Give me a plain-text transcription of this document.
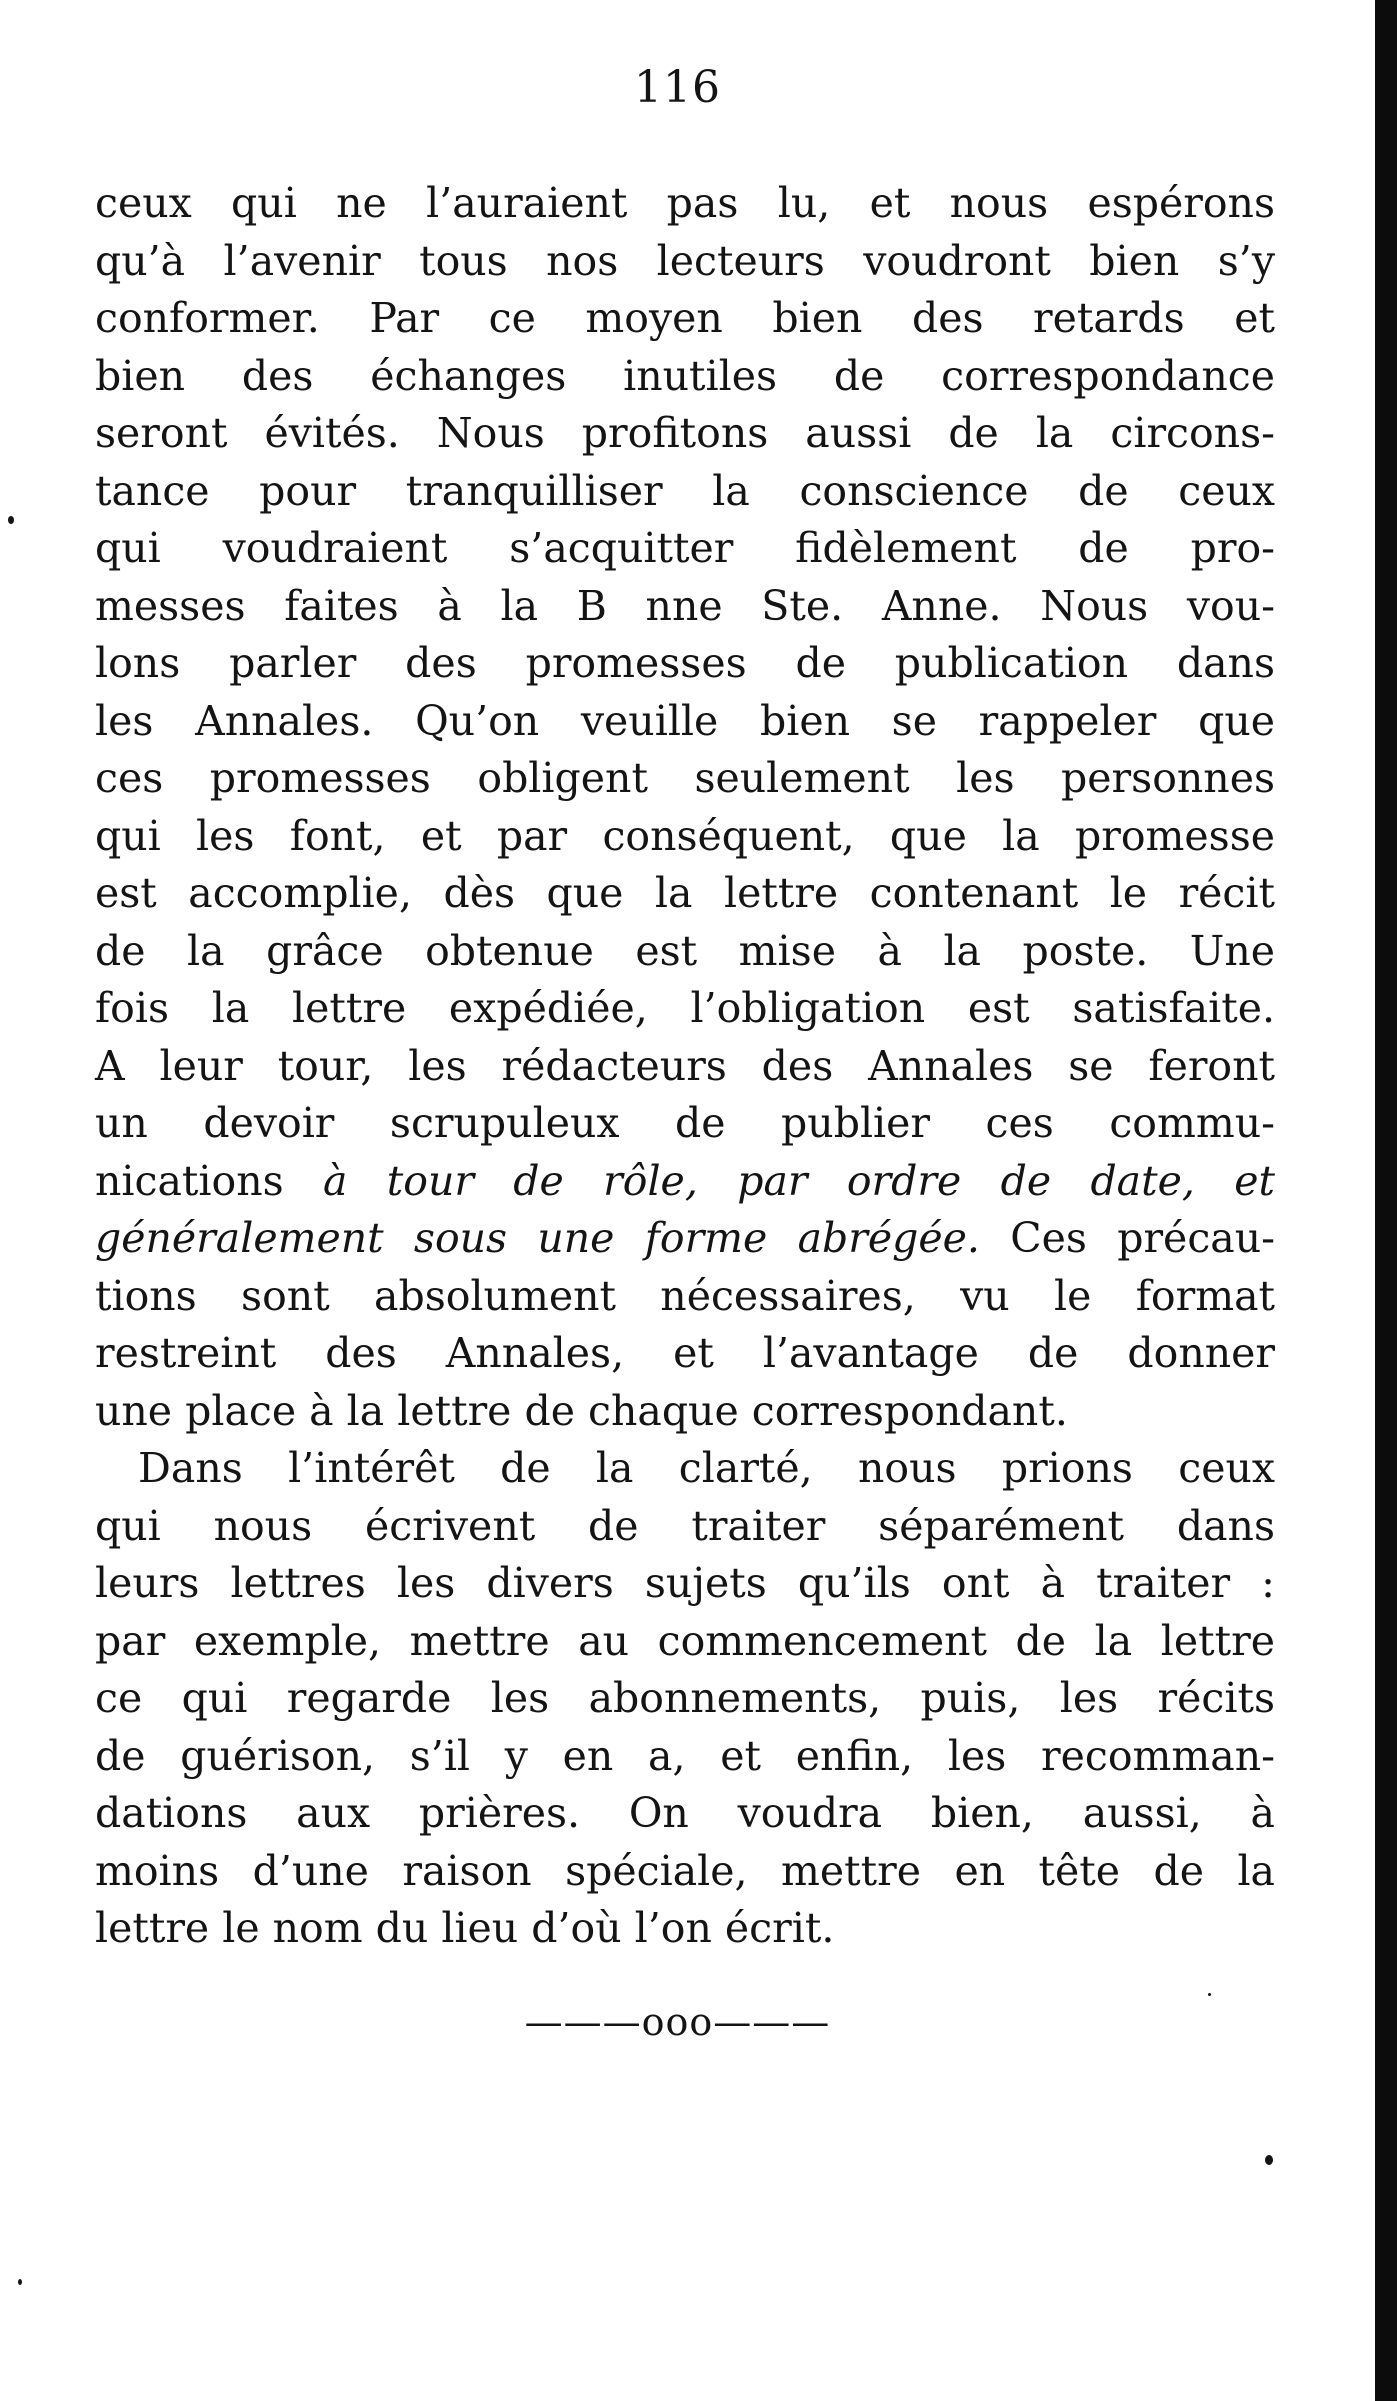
116
ceux qui ne l’auraient pas lu, et nous espérons
qu’à l’avenir tous nos lecteurs voudront bien s’y
conformer. Par ce moyen bien des retards et
bien des échanges inutiles de correspondance
seront évités. Nous profitons aussi de la circons-
tance pour tranquilliser la conscience de ceux
qui voudraient s’acquitter fidèlement de pro-
messes faites à la B nne Ste. Anne. Nous vou-
lons parler des promesses de publication dans
les Annales. Qu’on veuille bien se rappeler que
ces promesses obligent seulement les personnes
qui les font, et par conséquent, que la promesse
est accomplie, dès que la lettre contenant le récit
de la grâce obtenue est mise à la poste. Une
fois la lettre expédiée, l’obligation est satisfaite.
A leur tour, les rédacteurs des Annales se feront
un devoir scrupuleux de publier ces commu-
nications à tour de rôle, par ordre de date, et
généralement sous une forme abrégée. Ces précau-
tions sont absolument nécessaires, vu le format
restreint des Annales, et l’avantage de donner
une place à la lettre de chaque correspondant.
Dans l’intérêt de la clarté, nous prions ceux
qui nous écrivent de traiter séparément dans
leurs lettres les divers sujets qu’ils ont à traiter :
par exemple, mettre au commencement de la lettre
ce qui regarde les abonnements, puis, les récits
de guérison, s’il y en a, et enfin, les recomman-
dations aux prières. On voudra bien, aussi, à
moins d’une raison spéciale, mettre en tête de la
lettre le nom du lieu d’où l’on écrit.
———ooo———
